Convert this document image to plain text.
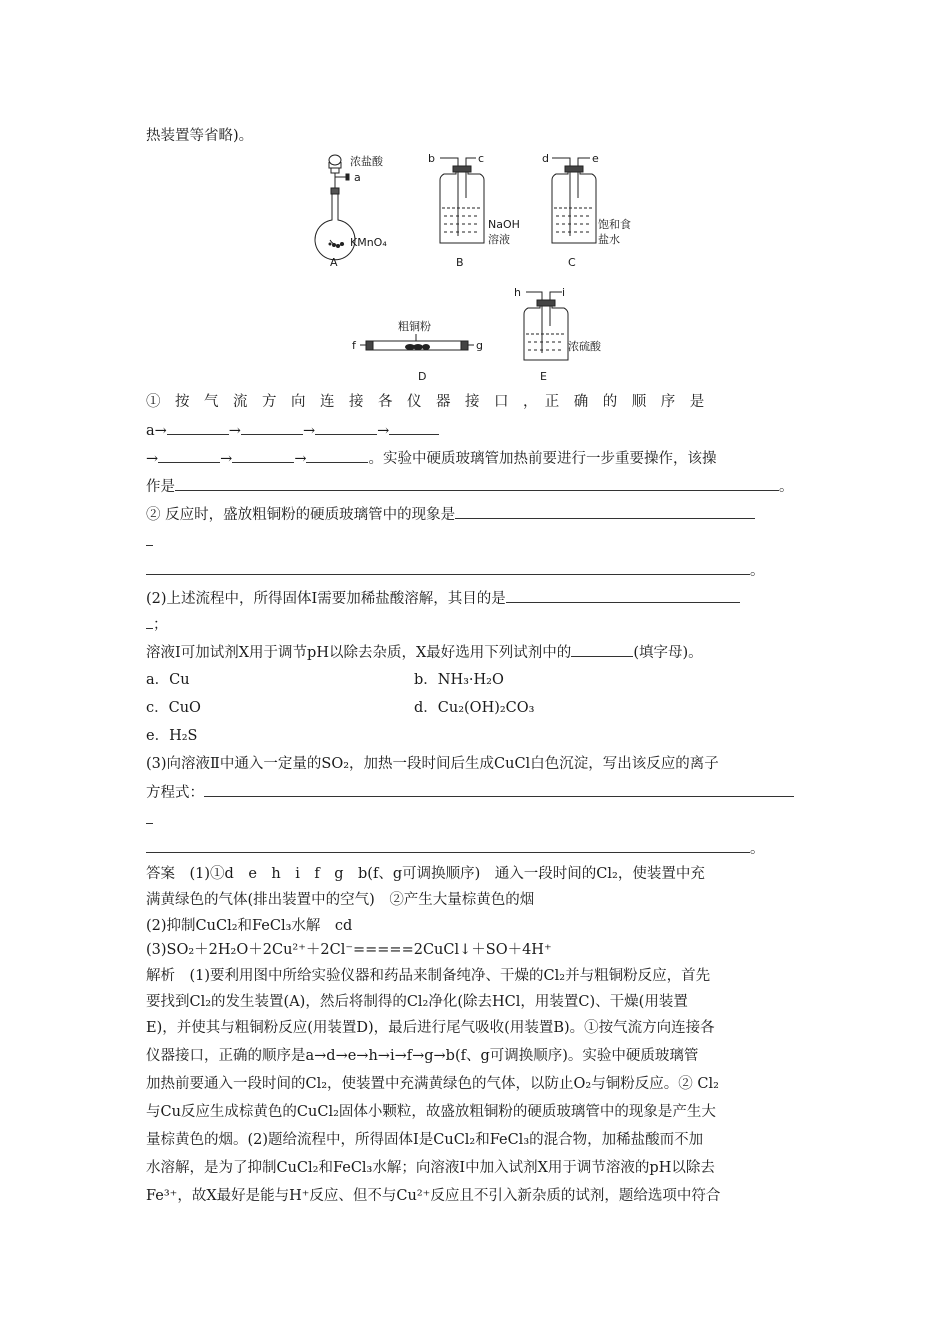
热装置等省略)。
浓盐酸
a
KMnO₄
A
b	c
NaOH
溶液
B
d	e
饱和食
盐水
C
粗铜粉
f	g
D
h	i
浓硫酸
E
①　按　气　流　方　向　连　接　各　仪　器　接　口　，　正　确　的　顺　序　是
a→	→	→	→
→	→	→	。实验中硬质玻璃管加热前要进行一步重要操作，该操
作是	。
② 反应时，盛放粗铜粉的硬质玻璃管中的现象是
。
(2)上述流程中，所得固体Ⅰ需要加稀盐酸溶解，其目的是
；
溶液Ⅰ可加试剂X用于调节pH以除去杂质，X最好选用下列试剂中的	(填字母)。
a．Cu	b．NH₃·H₂O
c．CuO	d．Cu₂(OH)₂CO₃
e．H₂S
(3)向溶液Ⅱ中通入一定量的SO₂，加热一段时间后生成CuCl白色沉淀，写出该反应的离子
方程式：
。
答案　(1)①d　e　h　i　f　g　b(f、g可调换顺序)　通入一段时间的Cl₂，使装置中充
满黄绿色的气体(排出装置中的空气)　②产生大量棕黄色的烟
(2)抑制CuCl₂和FeCl₃水解　cd
(3)SO₂＋2H₂O＋2Cu²⁺＋2Cl⁻=====2CuCl↓＋SO＋4H⁺
解析　(1)要利用图中所给实验仪器和药品来制备纯净、干燥的Cl₂并与粗铜粉反应，首先
要找到Cl₂的发生装置(A)，然后将制得的Cl₂净化(除去HCl，用装置C)、干燥(用装置
E)，并使其与粗铜粉反应(用装置D)，最后进行尾气吸收(用装置B)。①按气流方向连接各
仪器接口，正确的顺序是a→d→e→h→i→f→g→b(f、g可调换顺序)。实验中硬质玻璃管
加热前要通入一段时间的Cl₂，使装置中充满黄绿色的气体，以防止O₂与铜粉反应。② Cl₂
与Cu反应生成棕黄色的CuCl₂固体小颗粒，故盛放粗铜粉的硬质玻璃管中的现象是产生大
量棕黄色的烟。(2)题给流程中，所得固体Ⅰ是CuCl₂和FeCl₃的混合物，加稀盐酸而不加
水溶解，是为了抑制CuCl₂和FeCl₃水解；向溶液Ⅰ中加入试剂X用于调节溶液的pH以除去
Fe³⁺，故X最好是能与H⁺反应、但不与Cu²⁺反应且不引入新杂质的试剂，题给选项中符合
